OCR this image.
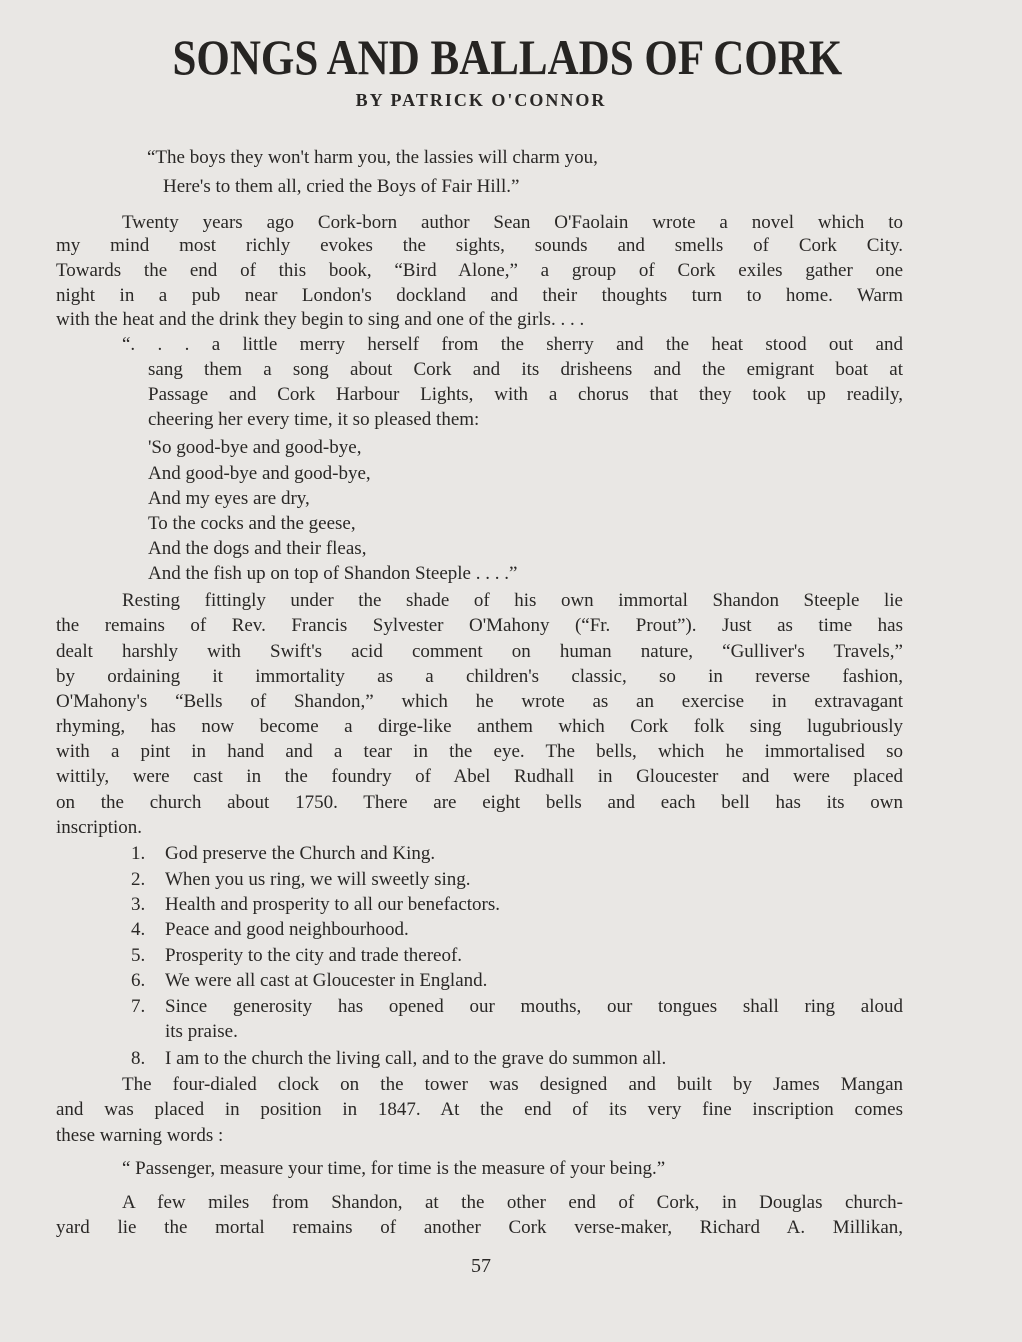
SONGS AND BALLADS OF CORK
BY PATRICK O'CONNOR
“The boys they won't harm you, the lassies will charm you,
Here's to them all, cried the Boys of Fair Hill.”
Twenty years ago Cork-born author Sean O'Faolain wrote a novel which to
my mind most richly evokes the sights, sounds and smells of Cork City.
Towards the end of this book, “Bird Alone,” a group of Cork exiles gather one
night in a pub near London's dockland and their thoughts turn to home. Warm
with the heat and the drink they begin to sing and one of the girls. . . .
“. . . a little merry herself from the sherry and the heat stood out and
sang them a song about Cork and its drisheens and the emigrant boat at
Passage and Cork Harbour Lights, with a chorus that they took up readily,
cheering her every time, it so pleased them:
'So good-bye and good-bye,
And good-bye and good-bye,
And my eyes are dry,
To the cocks and the geese,
And the dogs and their fleas,
And the fish up on top of Shandon Steeple . . . .”
Resting fittingly under the shade of his own immortal Shandon Steeple lie
the remains of Rev. Francis Sylvester O'Mahony (“Fr. Prout”). Just as time has
dealt harshly with Swift's acid comment on human nature, “Gulliver's Travels,”
by ordaining it immortality as a children's classic, so in reverse fashion,
O'Mahony's “Bells of Shandon,” which he wrote as an exercise in extravagant
rhyming, has now become a dirge-like anthem which Cork folk sing lugubriously
with a pint in hand and a tear in the eye. The bells, which he immortalised so
wittily, were cast in the foundry of Abel Rudhall in Gloucester and were placed
on the church about 1750. There are eight bells and each bell has its own
inscription.
1. God preserve the Church and King.
2. When you us ring, we will sweetly sing.
3. Health and prosperity to all our benefactors.
4. Peace and good neighbourhood.
5. Prosperity to the city and trade thereof.
6. We were all cast at Gloucester in England.
7. Since generosity has opened our mouths, our tongues shall ring aloud
its praise.
8. I am to the church the living call, and to the grave do summon all.
The four-dialed clock on the tower was designed and built by James Mangan
and was placed in position in 1847. At the end of its very fine inscription comes
these warning words :
“ Passenger, measure your time, for time is the measure of your being.”
A few miles from Shandon, at the other end of Cork, in Douglas church-
yard lie the mortal remains of another Cork verse-maker, Richard A. Millikan,
57
